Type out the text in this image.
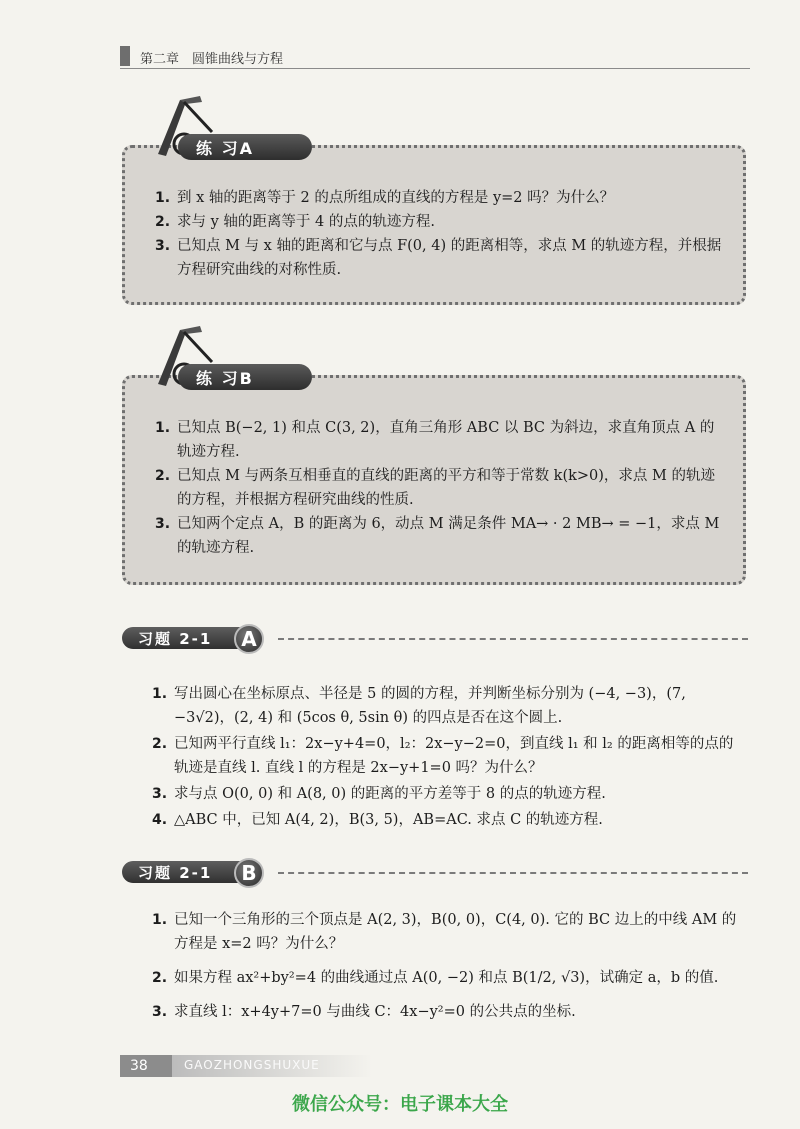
第二章　圆锥曲线与方程
1. 到 x 轴的距离等于 2 的点所组成的直线的方程是 y=2 吗？为什么？
2. 求与 y 轴的距离等于 4 的点的轨迹方程.
3. 已知点 M 与 x 轴的距离和它与点 F(0, 4) 的距离相等，求点 M 的轨迹方程，并根据方程研究曲线的对称性质.
练 习A
1. 已知点 B(−2, 1) 和点 C(3, 2)，直角三角形 ABC 以 BC 为斜边，求直角顶点 A 的轨迹方程.
2. 已知点 M 与两条互相垂直的直线的距离的平方和等于常数 k(k>0)，求点 M 的轨迹的方程，并根据方程研究曲线的性质.
3. 已知两个定点 A，B 的距离为 6，动点 M 满足条件 MA→ · 2 MB→ = −1，求点 M 的轨迹方程.
练 习B
习题 2-1	A
1. 写出圆心在坐标原点、半径是 5 的圆的方程，并判断坐标分别为 (−4, −3)，(7, −3√2)，(2, 4) 和 (5cos θ, 5sin θ) 的四点是否在这个圆上.
2. 已知两平行直线 l₁：2x−y+4=0，l₂：2x−y−2=0，到直线 l₁ 和 l₂ 的距离相等的点的轨迹是直线 l. 直线 l 的方程是 2x−y+1=0 吗？为什么？
3. 求与点 O(0, 0) 和 A(8, 0) 的距离的平方差等于 8 的点的轨迹方程.
4. △ABC 中，已知 A(4, 2)，B(3, 5)，AB=AC. 求点 C 的轨迹方程.
习题 2-1	B
1. 已知一个三角形的三个顶点是 A(2, 3)，B(0, 0)，C(4, 0). 它的 BC 边上的中线 AM 的方程是 x=2 吗？为什么？
2. 如果方程 ax²+by²=4 的曲线通过点 A(0, −2) 和点 B(1/2, √3)，试确定 a，b 的值.
3. 求直线 l：x+4y+7=0 与曲线 C：4x−y²=0 的公共点的坐标.
38	GAOZHONGSHUXUE
微信公众号：电子课本大全
